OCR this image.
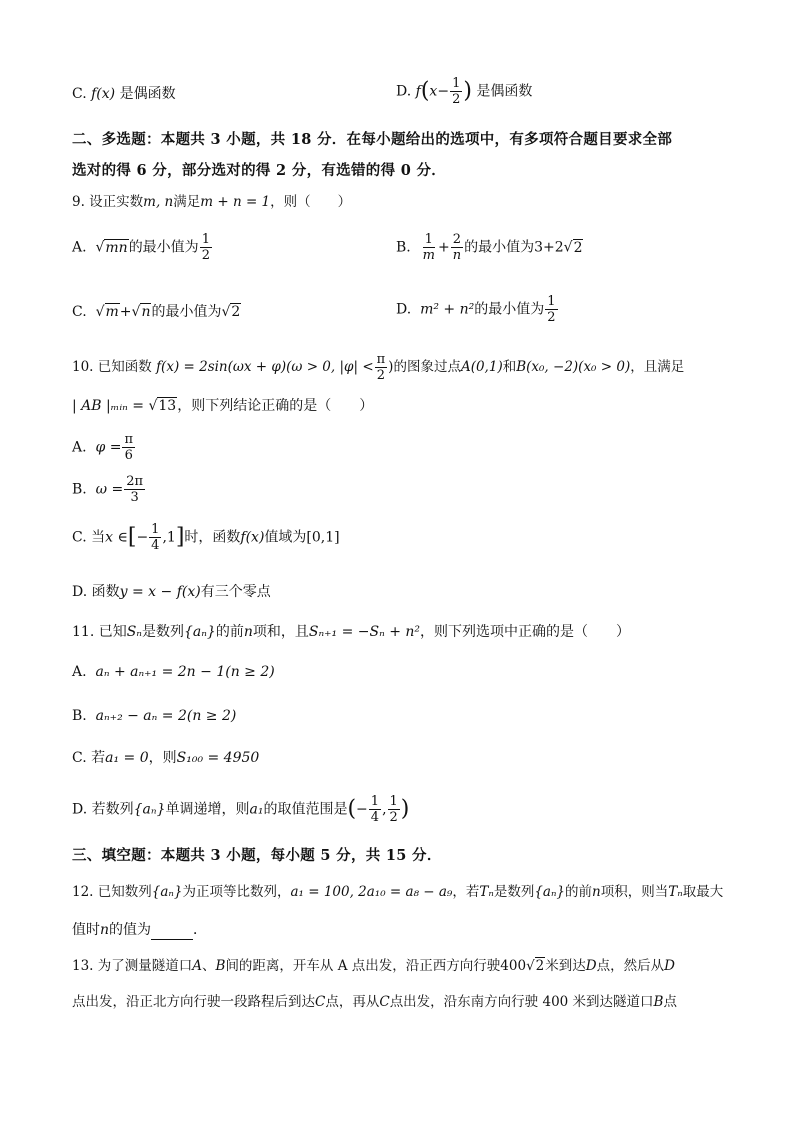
C. f(x) 是偶函数	D. $f(x- \frac{1}{2}$ ) 是偶函数
二、多选题：本题共 3 小题，共 18 分．在每小题给出的选项中，有多项符合题目要求全部
选对的得 6 分，部分选对的得 2 分，有选错的得 0 分．
9. 设正实数m, n满足m + n = 1，则（　　）
A.  √mn的最小值为 $\frac{1}{2}$	B. $\frac{1}{m} + \frac{2}{n}$ 的最小值为3+2√2
C.  √m+√n的最小值为√2	D. m² + n²的最小值为 $\frac{1}{2}$
10. 已知函数 f(x) = 2sin(ωx + φ)(ω > 0, $|\varphi| < \frac{\pi}{2}$ )的图象过点A(0,1)和B(x₀, −2)(x₀ > 0)，且满足
| AB |ₘᵢₙ = √13，则下列结论正确的是（　　）
A. $\varphi = \frac{\pi}{6}$
B. $\omega = \frac{2\pi}{3}$
C. 当x ∈[− $\frac{1}{4} ,1$]时，函数f(x)值域为[0,1]
D. 函数y = x − f(x)有三个零点
11. 已知Sₙ是数列{aₙ}的前n项和，且Sₙ₊₁ = −Sₙ + n²，则下列选项中正确的是（　　）
A. aₙ + aₙ₊₁ = 2n − 1(n ≥ 2)
B. aₙ₊₂ − aₙ = 2(n ≥ 2)
C. 若a₁ = 0，则S₁₀₀ = 4950
D. 若数列{aₙ}单调递增，则a₁的取值范围是(− $\frac{1}{4}$ , $\frac{1}{2}$ )
三、填空题：本题共 3 小题，每小题 5 分，共 15 分．
12. 已知数列{aₙ}为正项等比数列，a₁ = 100, 2a₁₀ = a₈ − a₉，若Tₙ是数列{aₙ}的前n项积，则当Tₙ取最大
值时n的值为	．
13. 为了测量隧道口A、B间的距离，开车从 A 点出发，沿正西方向行驶400√2米到达D点，然后从D
点出发，沿正北方向行驶一段路程后到达C点，再从C点出发，沿东南方向行驶 400 米到达隧道口B点
